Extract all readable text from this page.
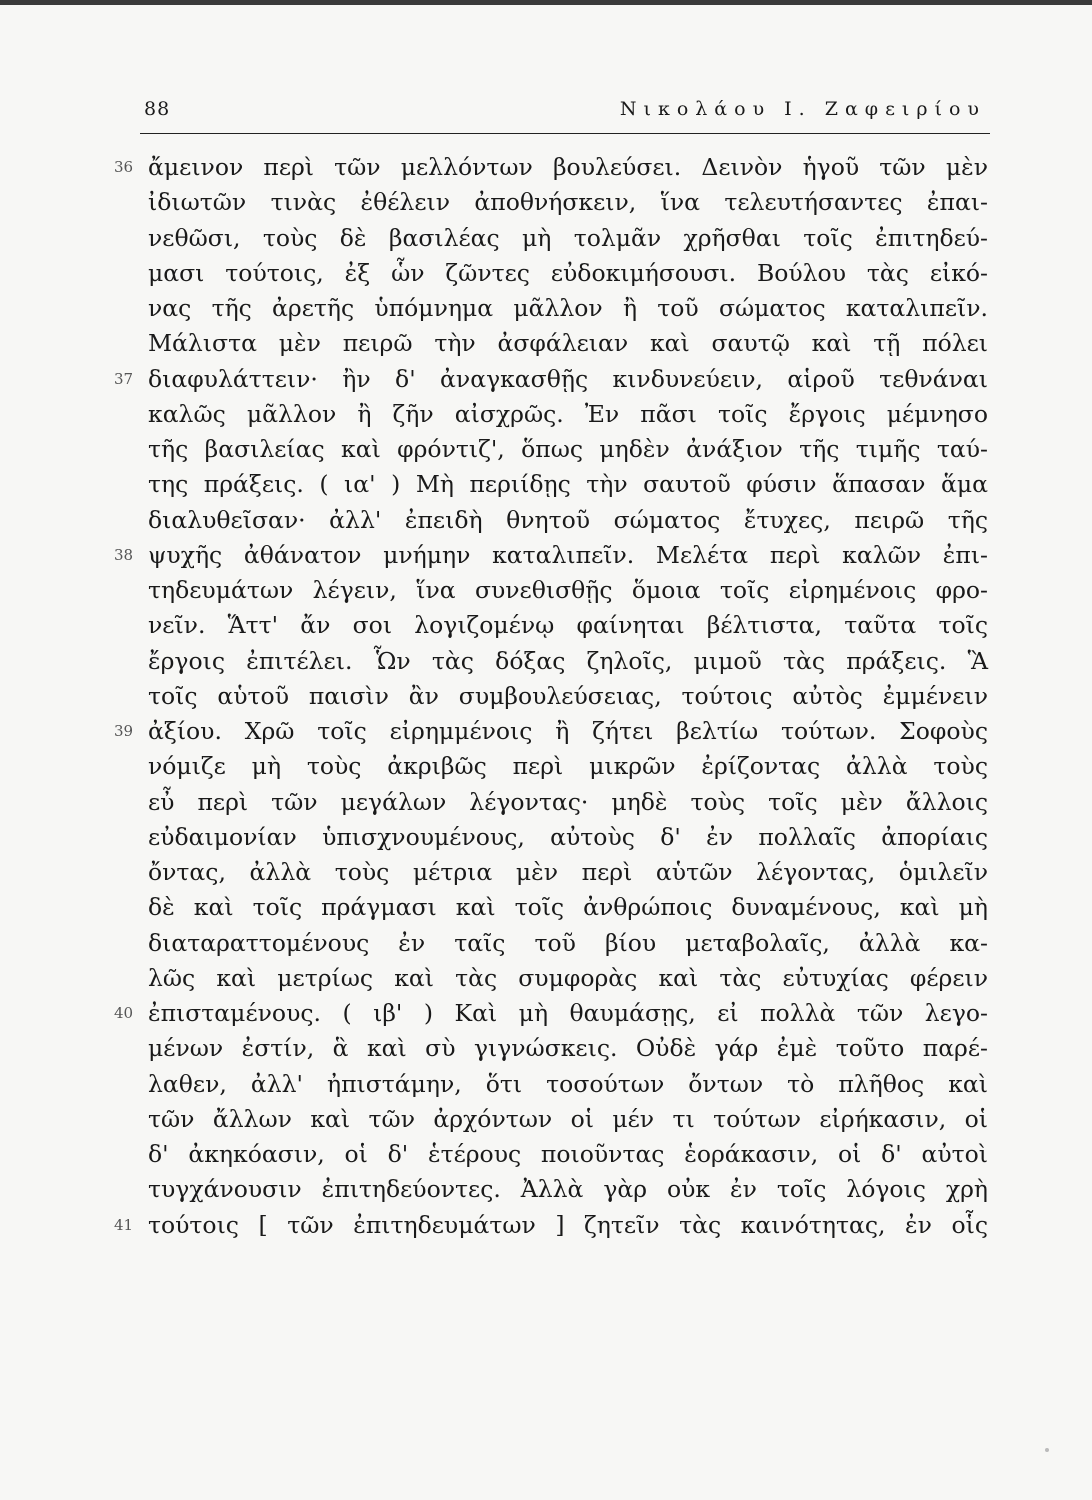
88	Νικολάου Ι. Ζαφειρίου
36 ἄμεινον περὶ τῶν μελλόντων βουλεύσει. Δεινὸν ἡγοῦ τῶν μὲν
ἰδιωτῶν τινὰς ἐθέλειν ἀποθνήσκειν, ἵνα τελευτήσαντες ἐπαι-
νεθῶσι, τοὺς δὲ βασιλέας μὴ τολμᾶν χρῆσθαι τοῖς ἐπιτηδεύ-
μασι τούτοις, ἐξ ὧν ζῶντες εὐδοκιμήσουσι. Βούλου τὰς εἰκό-
νας τῆς ἀρετῆς ὑπόμνημα μᾶλλον ἢ τοῦ σώματος καταλιπεῖν.
Μάλιστα μὲν πειρῶ τὴν ἀσφάλειαν καὶ σαυτῷ καὶ τῇ πόλει
37 διαφυλάττειν· ἢν δ' ἀναγκασθῇς κινδυνεύειν, αἱροῦ τεθνάναι
καλῶς μᾶλλον ἢ ζῆν αἰσχρῶς. Ἐν πᾶσι τοῖς ἔργοις μέμνησο
τῆς βασιλείας καὶ φρόντιζ', ὅπως μηδὲν ἀνάξιον τῆς τιμῆς ταύ-
της πράξεις. ( ια' ) Μὴ περιίδῃς τὴν σαυτοῦ φύσιν ἅπασαν ἅμα
διαλυθεῖσαν· ἀλλ' ἐπειδὴ θνητοῦ σώματος ἔτυχες, πειρῶ τῆς
38 ψυχῆς ἀθάνατον μνήμην καταλιπεῖν. Μελέτα περὶ καλῶν ἐπι-
τηδευμάτων λέγειν, ἵνα συνεθισθῇς ὅμοια τοῖς εἰρημένοις φρο-
νεῖν. Ἅττ' ἄν σοι λογιζομένῳ φαίνηται βέλτιστα, ταῦτα τοῖς
ἔργοις ἐπιτέλει. Ὧν τὰς δόξας ζηλοῖς, μιμοῦ τὰς πράξεις. Ἃ
τοῖς αὑτοῦ παισὶν ἂν συμβουλεύσειας, τούτοις αὐτὸς ἐμμένειν
39 ἀξίου. Χρῶ τοῖς εἰρημμένοις ἢ ζήτει βελτίω τούτων. Σοφοὺς
νόμιζε μὴ τοὺς ἀκριβῶς περὶ μικρῶν ἐρίζοντας ἀλλὰ τοὺς
εὖ περὶ τῶν μεγάλων λέγοντας· μηδὲ τοὺς τοῖς μὲν ἄλλοις
εὐδαιμονίαν ὑπισχνουμένους, αὐτοὺς δ' ἐν πολλαῖς ἀπορίαις
ὄντας, ἀλλὰ τοὺς μέτρια μὲν περὶ αὑτῶν λέγοντας, ὁμιλεῖν
δὲ καὶ τοῖς πράγμασι καὶ τοῖς ἀνθρώποις δυναμένους, καὶ μὴ
διαταραττομένους ἐν ταῖς τοῦ βίου μεταβολαῖς, ἀλλὰ κα-
λῶς καὶ μετρίως καὶ τὰς συμφορὰς καὶ τὰς εὐτυχίας φέρειν
40 ἐπισταμένους. ( ιβ' ) Καὶ μὴ θαυμάσῃς, εἰ πολλὰ τῶν λεγο-
μένων ἐστίν, ἃ καὶ σὺ γιγνώσκεις. Οὐδὲ γάρ ἐμὲ τοῦτο παρέ-
λαθεν, ἀλλ' ἠπιστάμην, ὅτι τοσούτων ὄντων τὸ πλῆθος καὶ
τῶν ἄλλων καὶ τῶν ἀρχόντων οἱ μέν τι τούτων εἰρήκασιν, οἱ
δ' ἀκηκόασιν, οἱ δ' ἑτέρους ποιοῦντας ἑοράκασιν, οἱ δ' αὐτοὶ
τυγχάνουσιν ἐπιτηδεύοντες. Ἀλλὰ γὰρ οὐκ ἐν τοῖς λόγοις χρὴ
41 τούτοις [ τῶν ἐπιτηδευμάτων ] ζητεῖν τὰς καινότητας, ἐν οἷς
